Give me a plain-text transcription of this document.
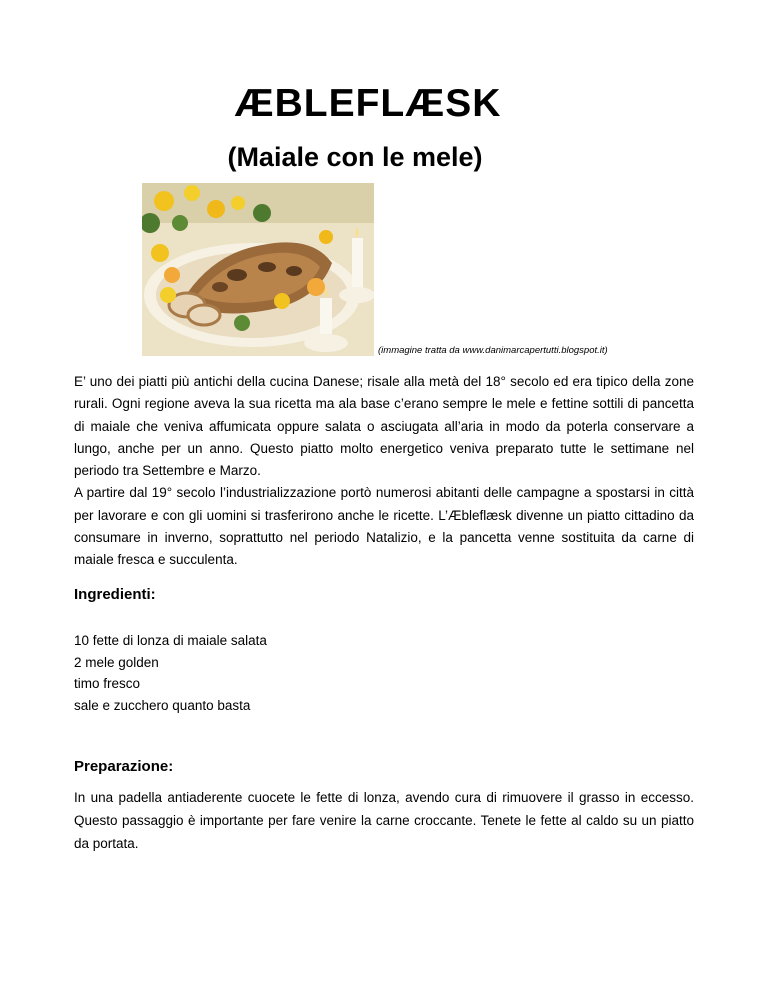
ÆBLEFLÆSK
(Maiale con le mele)
(immagine tratta da www.danimarcapertutti.blogspot.it)

E’ uno dei piatti più antichi della cucina Danese; risale alla metà del 18° secolo ed era tipico della zone rurali. Ogni regione aveva la sua ricetta ma ala base c’erano sempre le mele e fettine sottili di pancetta di maiale che veniva affumicata oppure salata o asciugata all’aria in modo da poterla conservare a lungo, anche per un anno. Questo piatto molto energetico veniva preparato tutte le settimane nel periodo tra Settembre e Marzo.

A partire dal 19° secolo l’industrializzazione portò numerosi abitanti delle campagne a spostarsi in città per lavorare e con gli uomini si trasferirono anche le ricette. L’Æbleflæsk divenne un piatto cittadino da consumare in inverno, soprattutto nel periodo Natalizio, e la pancetta venne sostituita da carne di maiale fresca e succulenta.

Ingredienti:
10 fette di lonza di maiale salata
2 mele golden
timo fresco
sale e zucchero quanto basta
Preparazione:

In una padella antiaderente cuocete le fette di lonza, avendo cura di rimuovere il grasso in eccesso. Questo passaggio è importante per fare venire la carne croccante. Tenete le fette al caldo su un piatto da portata.
